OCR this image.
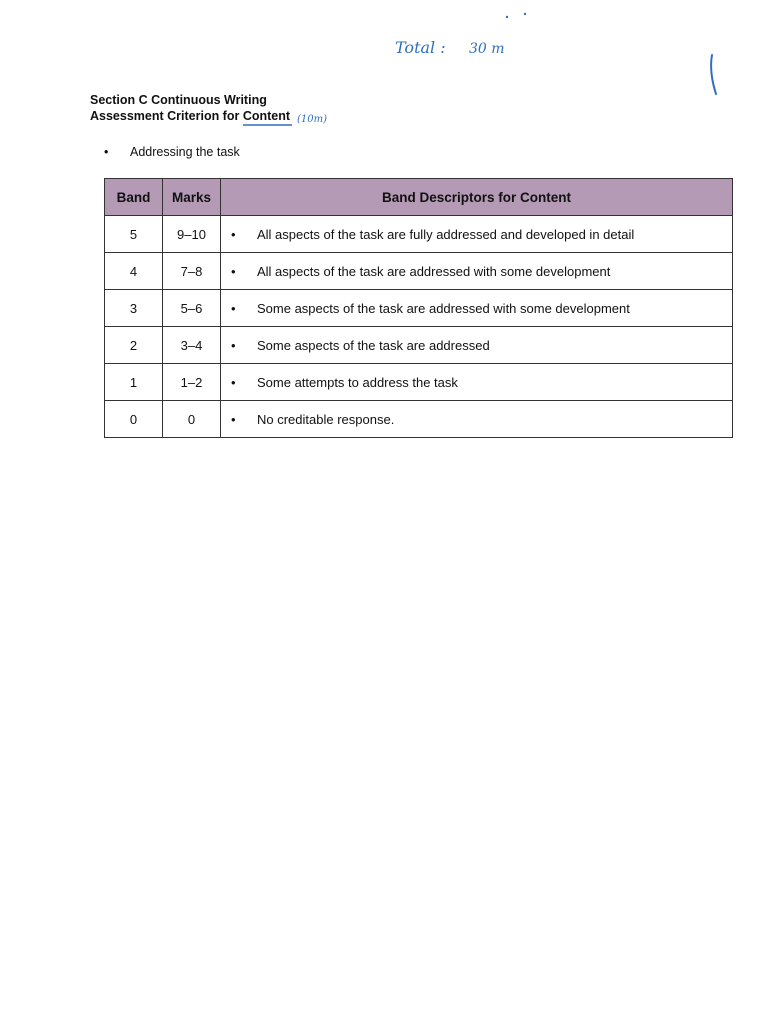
Total : 30 m
(10m)
Section C Continuous Writing
Assessment Criterion for Content
• Addressing the task
Band	Marks	Band Descriptors for Content
5	9–10	• All aspects of the task are fully addressed and developed in detail
4	7–8	• All aspects of the task are addressed with some development
3	5–6	• Some aspects of the task are addressed with some development
2	3–4	• Some aspects of the task are addressed
1	1–2	• Some attempts to address the task
0	0	• No creditable response.
